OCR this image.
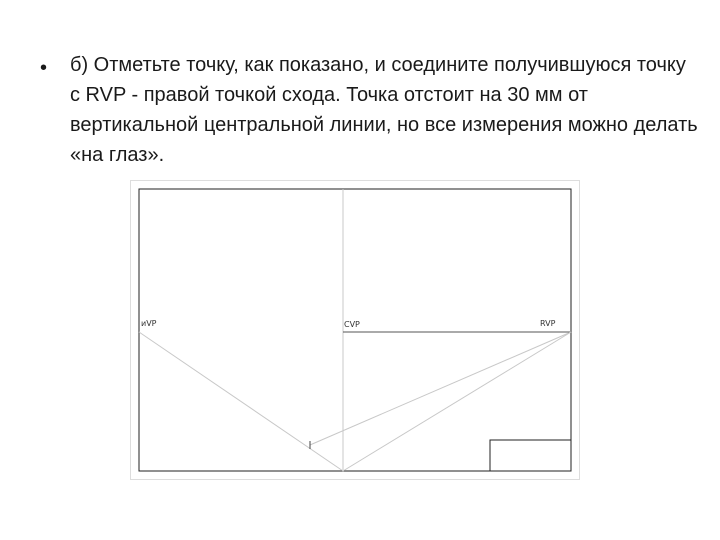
• б) Отметьте точку, как показано, и соедините получившуюся точку с RVP - правой точкой схода. Точка отстоит на 30 мм от вертикальной центральной линии, но все измерения можно делать «на глаз».

ᴎVP	CVP	RVP
